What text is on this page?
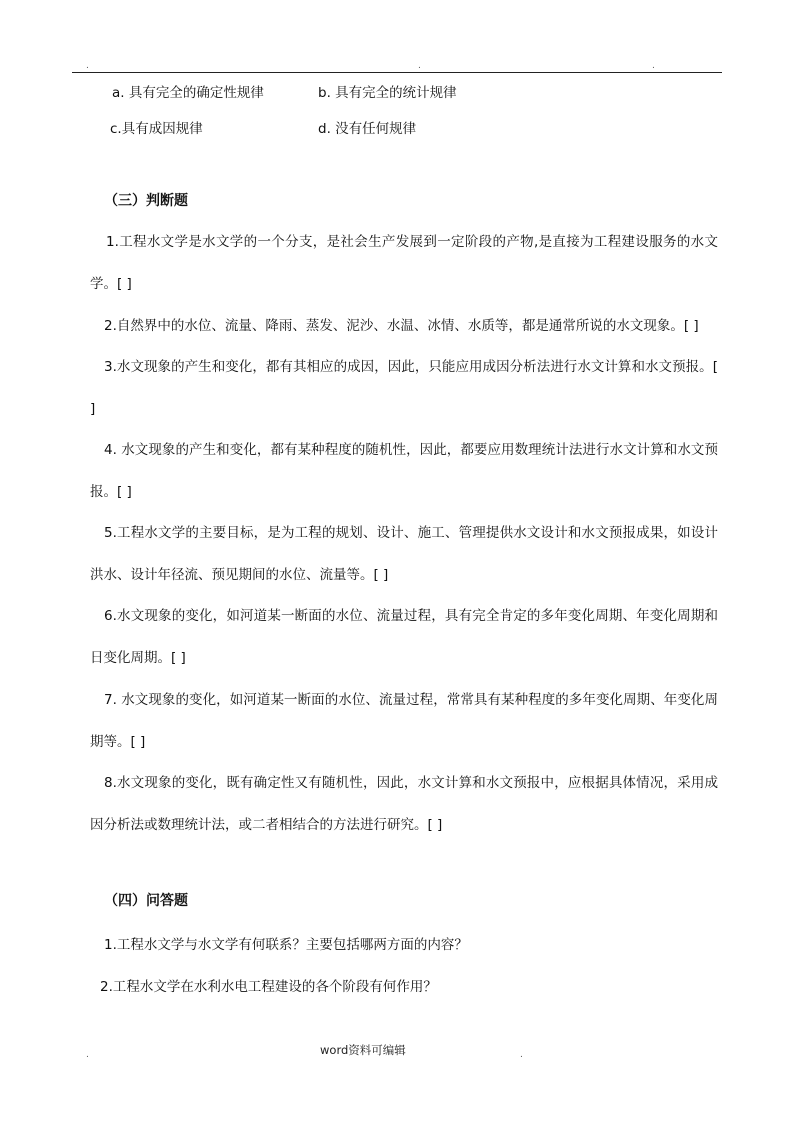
.	.	.
a. 具有完全的确定性规律	b. 具有完全的统计规律
c.具有成因规律	d. 没有任何规律
（三）判断题
1.工程水文学是水文学的一个分支，是社会生产发展到一定阶段的产物,是直接为工程建设服务的水文学。[ ]
2.自然界中的水位、流量、降雨、蒸发、泥沙、水温、冰情、水质等，都是通常所说的水文现象。[ ]
3.水文现象的产生和变化，都有其相应的成因，因此，只能应用成因分析法进行水文计算和水文预报。[ ]
4. 水文现象的产生和变化，都有某种程度的随机性，因此，都要应用数理统计法进行水文计算和水文预报。[ ]
5.工程水文学的主要目标，是为工程的规划、设计、施工、管理提供水文设计和水文预报成果，如设计洪水、设计年径流、预见期间的水位、流量等。[ ]
6.水文现象的变化，如河道某一断面的水位、流量过程，具有完全肯定的多年变化周期、年变化周期和日变化周期。[ ]
7. 水文现象的变化，如河道某一断面的水位、流量过程，常常具有某种程度的多年变化周期、年变化周期等。[ ]
8.水文现象的变化，既有确定性又有随机性，因此，水文计算和水文预报中，应根据具体情况，采用成因分析法或数理统计法，或二者相结合的方法进行研究。[ ]
（四）问答题
1.工程水文学与水文学有何联系？主要包括哪两方面的内容？
2.工程水文学在水利水电工程建设的各个阶段有何作用？
.	word资料可编辑	.
